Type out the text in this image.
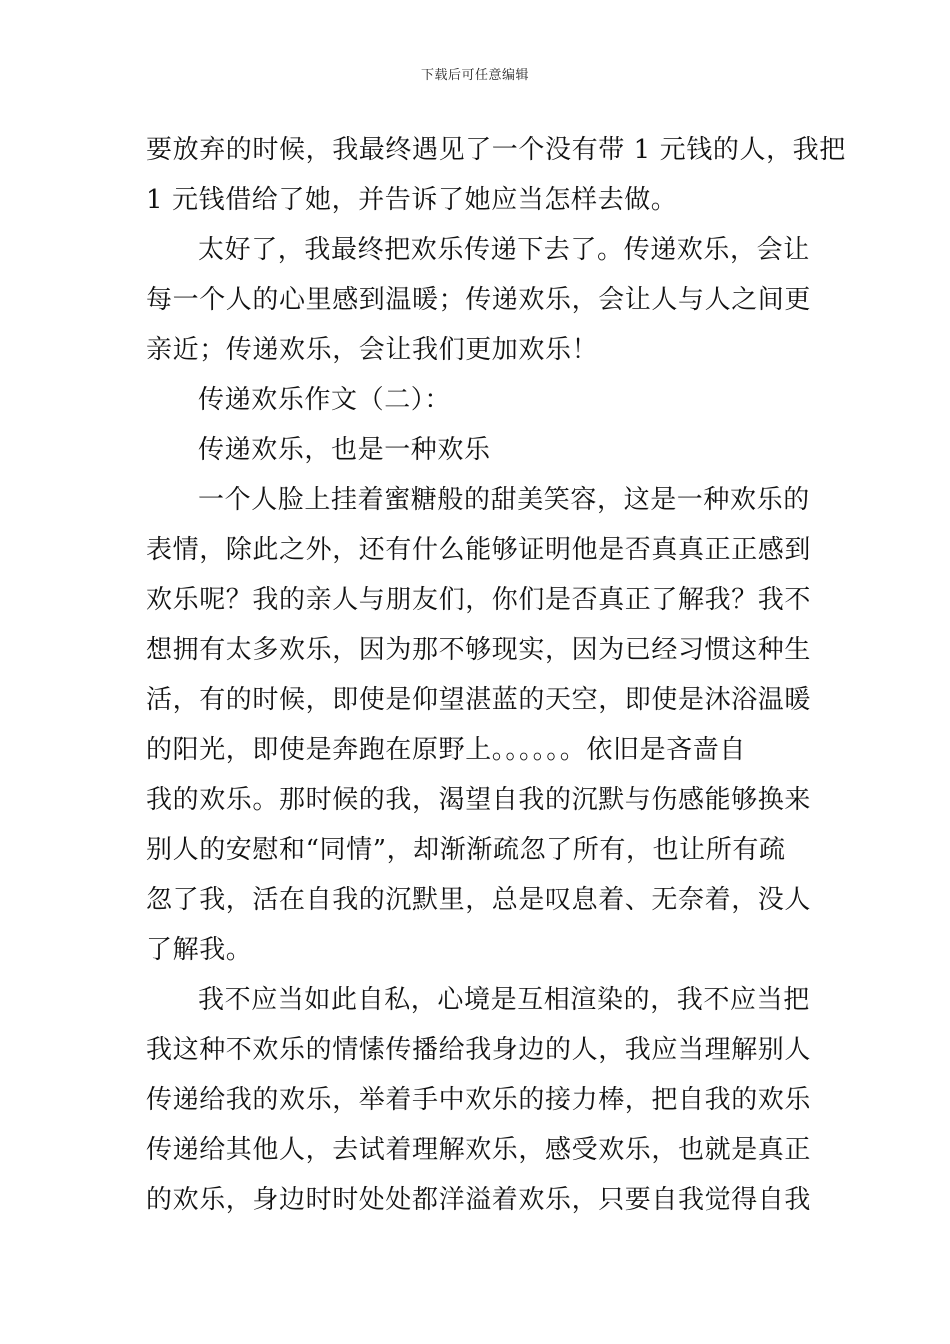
下载后可任意编辑
要放弃的时候，我最终遇见了一个没有带 1 元钱的人，我把
1 元钱借给了她，并告诉了她应当怎样去做。
太好了，我最终把欢乐传递下去了。传递欢乐，会让
每一个人的心里感到温暖；传递欢乐，会让人与人之间更
亲近；传递欢乐，会让我们更加欢乐！
传递欢乐作文（二）：
传递欢乐，也是一种欢乐
一个人脸上挂着蜜糖般的甜美笑容，这是一种欢乐的
表情，除此之外，还有什么能够证明他是否真真正正感到
欢乐呢？我的亲人与朋友们，你们是否真正了解我？我不
想拥有太多欢乐，因为那不够现实，因为已经习惯这种生
活，有的时候，即使是仰望湛蓝的天空，即使是沐浴温暖
的阳光，即使是奔跑在原野上。。。。。。依旧是吝啬自
我的欢乐。那时候的我，渴望自我的沉默与伤感能够换来
别人的安慰和“同情”，却渐渐疏忽了所有，也让所有疏
忽了我，活在自我的沉默里，总是叹息着、无奈着，没人
了解我。
我不应当如此自私，心境是互相渲染的，我不应当把
我这种不欢乐的情愫传播给我身边的人，我应当理解别人
传递给我的欢乐，举着手中欢乐的接力棒，把自我的欢乐
传递给其他人，去试着理解欢乐，感受欢乐，也就是真正
的欢乐，身边时时处处都洋溢着欢乐，只要自我觉得自我
